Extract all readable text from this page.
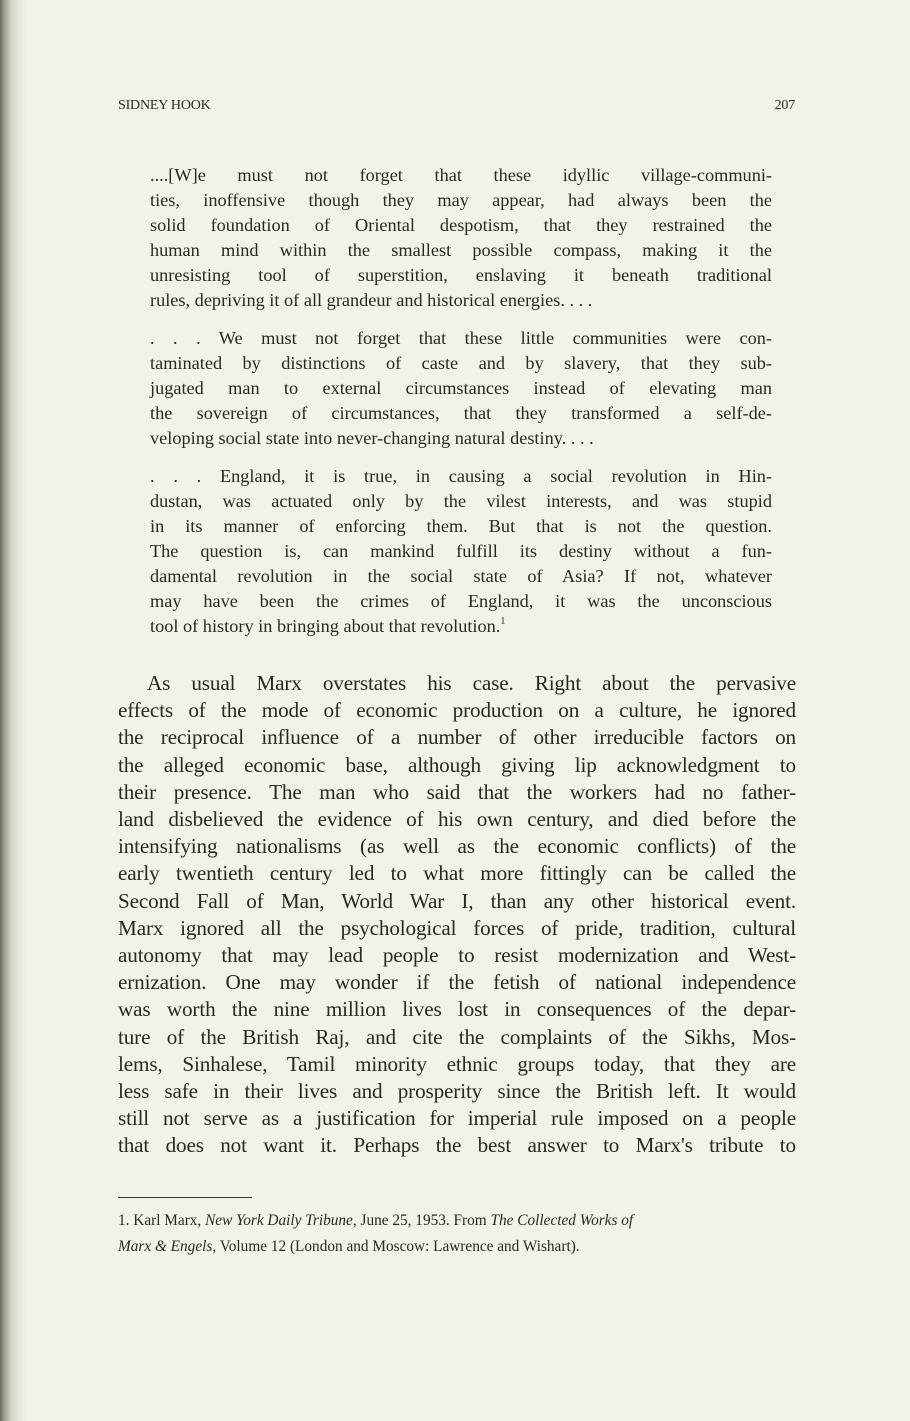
SIDNEY HOOK	207
....[W]e must not forget that these idyllic village-communi-
ties, inoffensive though they may appear, had always been the
solid foundation of Oriental despotism, that they restrained the
human mind within the smallest possible compass, making it the
unresisting tool of superstition, enslaving it beneath traditional
rules, depriving it of all grandeur and historical energies. . . .
. . . We must not forget that these little communities were con-
taminated by distinctions of caste and by slavery, that they sub-
jugated man to external circumstances instead of elevating man
the sovereign of circumstances, that they transformed a self-de-
veloping social state into never-changing natural destiny. . . .
. . . England, it is true, in causing a social revolution in Hin-
dustan, was actuated only by the vilest interests, and was stupid
in its manner of enforcing them. But that is not the question.
The question is, can mankind fulfill its destiny without a fun-
damental revolution in the social state of Asia? If not, whatever
may have been the crimes of England, it was the unconscious
tool of history in bringing about that revolution.$^1$
As usual Marx overstates his case. Right about the pervasive
effects of the mode of economic production on a culture, he ignored
the reciprocal influence of a number of other irreducible factors on
the alleged economic base, although giving lip acknowledgment to
their presence. The man who said that the workers had no father-
land disbelieved the evidence of his own century, and died before the
intensifying nationalisms (as well as the economic conflicts) of the
early twentieth century led to what more fittingly can be called the
Second Fall of Man, World War I, than any other historical event.
Marx ignored all the psychological forces of pride, tradition, cultural
autonomy that may lead people to resist modernization and West-
ernization. One may wonder if the fetish of national independence
was worth the nine million lives lost in consequences of the depar-
ture of the British Raj, and cite the complaints of the Sikhs, Mos-
lems, Sinhalese, Tamil minority ethnic groups today, that they are
less safe in their lives and prosperity since the British left. It would
still not serve as a justification for imperial rule imposed on a people
that does not want it. Perhaps the best answer to Marx's tribute to
1. Karl Marx, New York Daily Tribune, June 25, 1953. From The Collected Works of
Marx & Engels, Volume 12 (London and Moscow: Lawrence and Wishart).
